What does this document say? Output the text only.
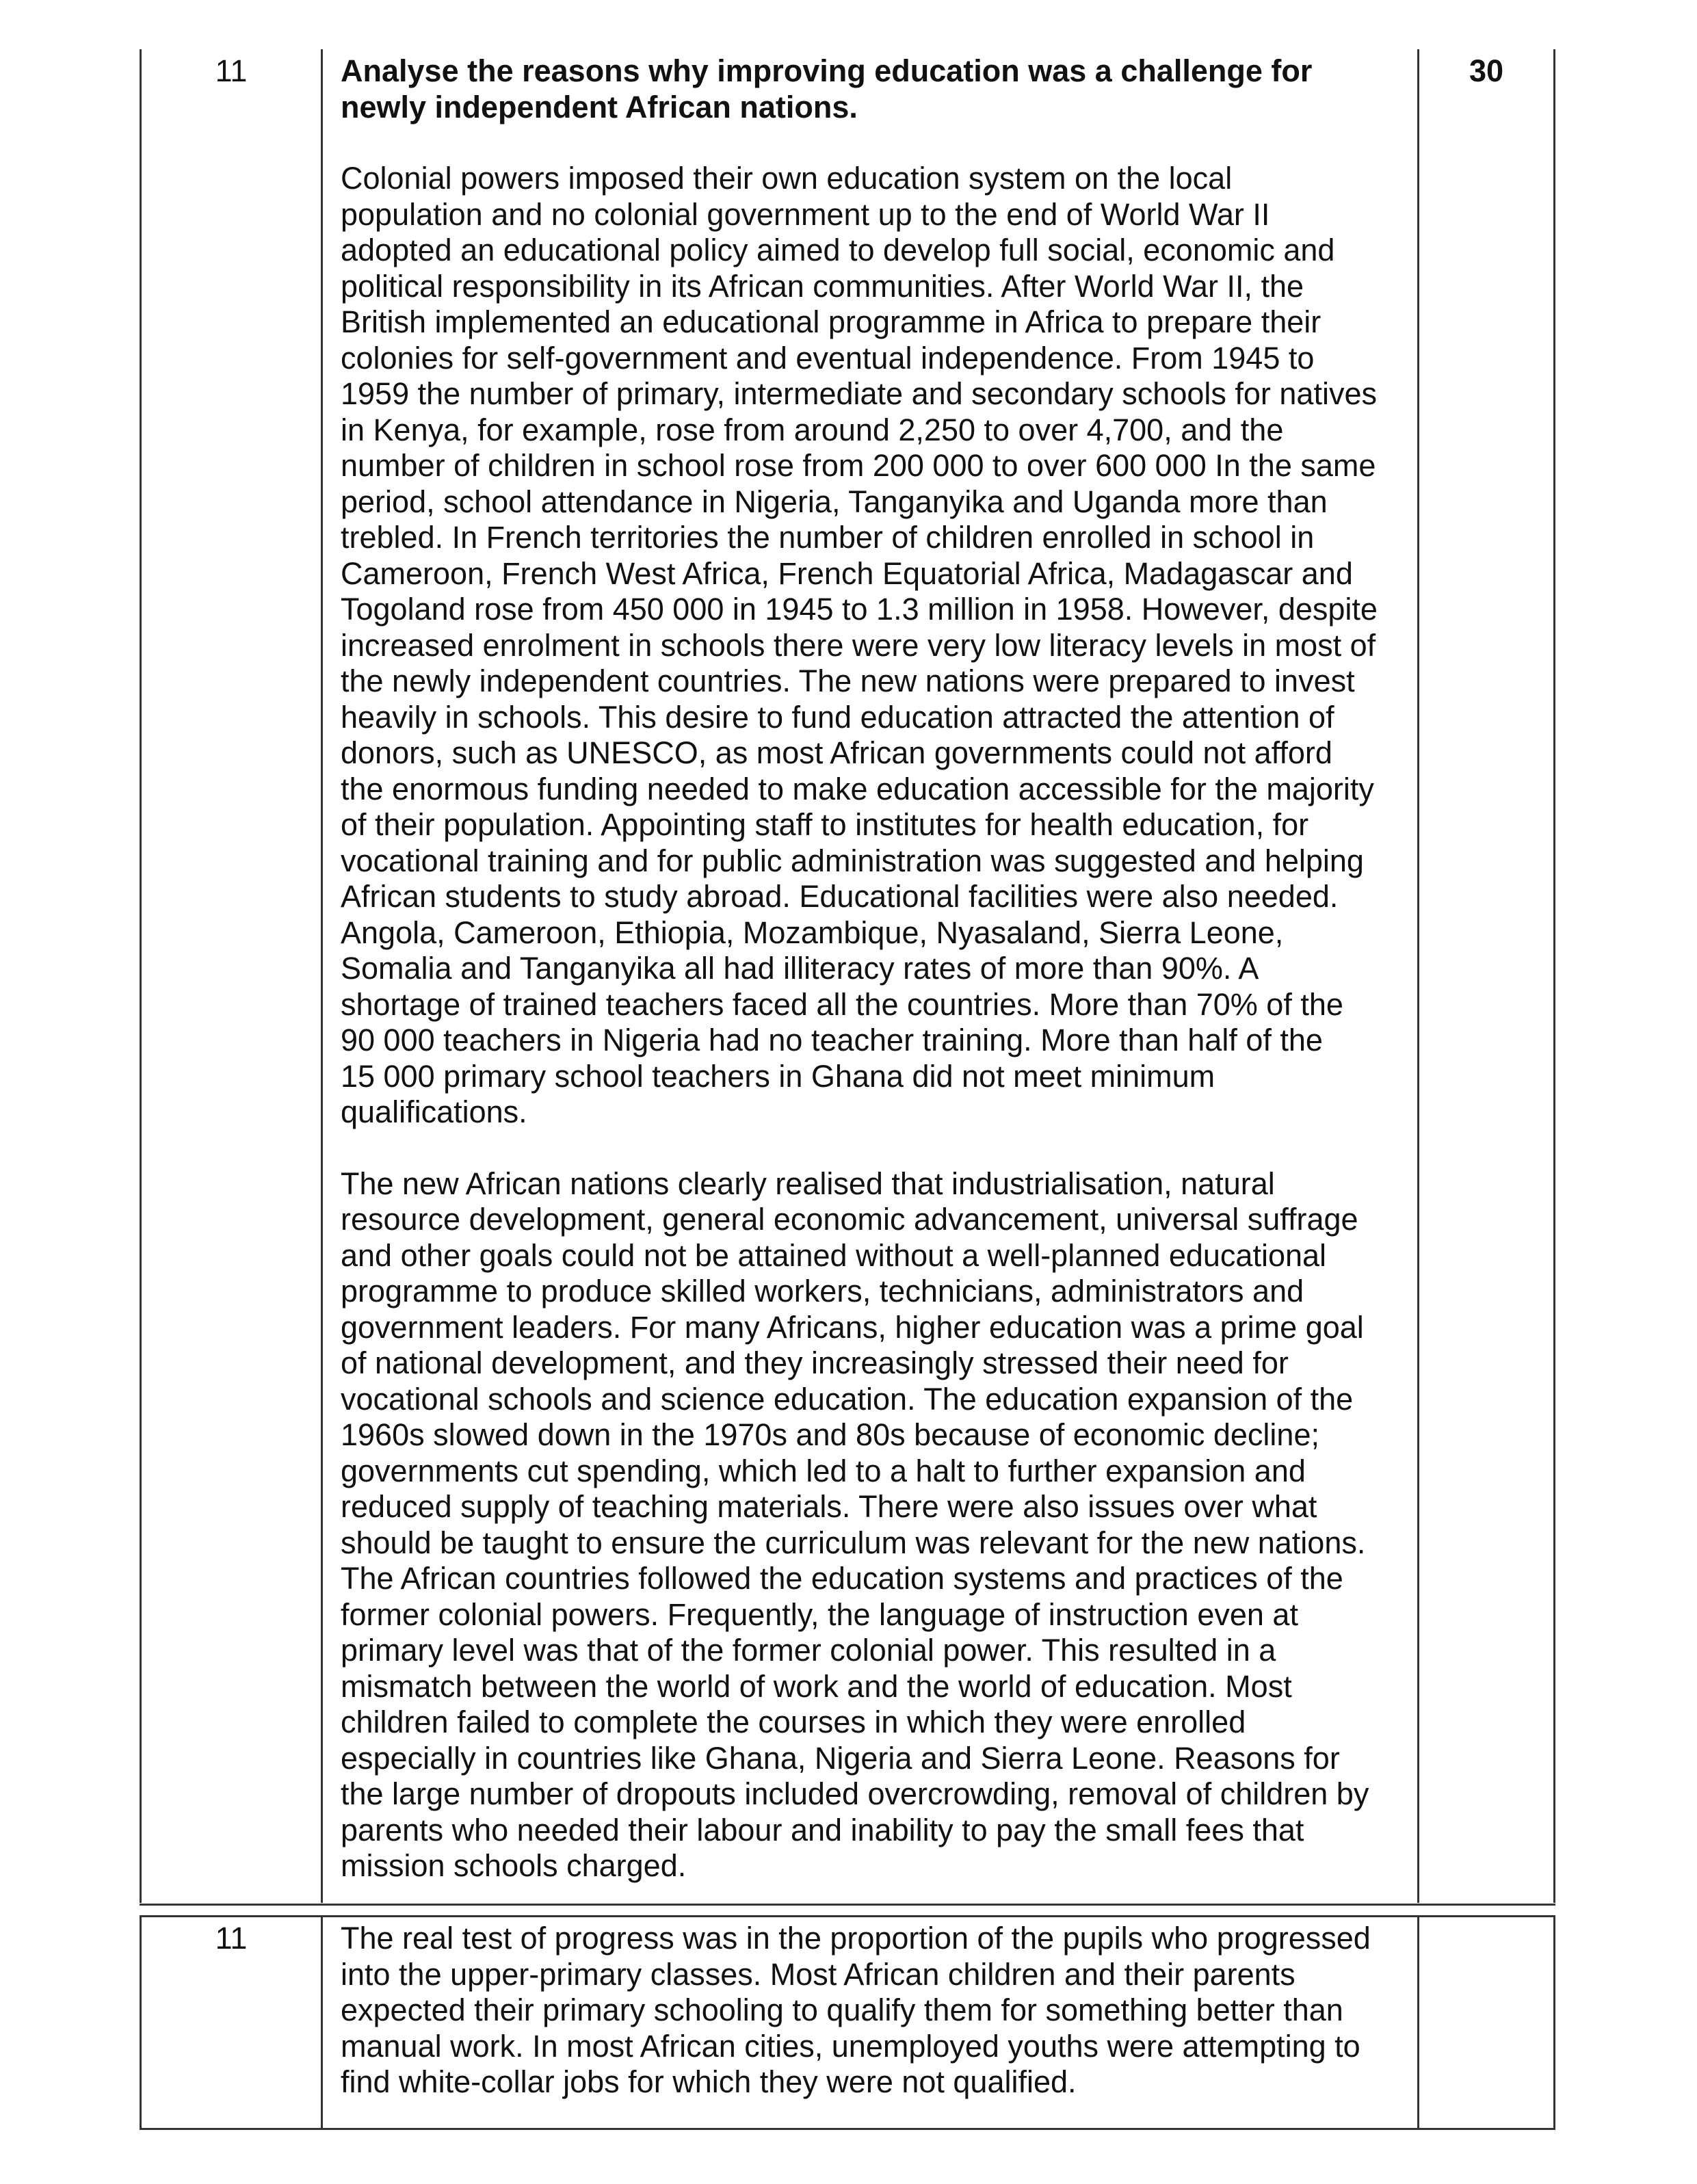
11	Analyse the reasons why improving education was a challenge for
newly independent African nations.
Colonial powers imposed their own education system on the local
population and no colonial government up to the end of World War II
adopted an educational policy aimed to develop full social, economic and
political responsibility in its African communities. After World War II, the
British implemented an educational programme in Africa to prepare their
colonies for self-government and eventual independence. From 1945 to
1959 the number of primary, intermediate and secondary schools for natives
in Kenya, for example, rose from around 2,250 to over 4,700, and the
number of children in school rose from 200 000 to over 600 000 In the same
period, school attendance in Nigeria, Tanganyika and Uganda more than
trebled. In French territories the number of children enrolled in school in
Cameroon, French West Africa, French Equatorial Africa, Madagascar and
Togoland rose from 450 000 in 1945 to 1.3 million in 1958. However, despite
increased enrolment in schools there were very low literacy levels in most of
the newly independent countries. The new nations were prepared to invest
heavily in schools. This desire to fund education attracted the attention of
donors, such as UNESCO, as most African governments could not afford
the enormous funding needed to make education accessible for the majority
of their population. Appointing staff to institutes for health education, for
vocational training and for public administration was suggested and helping
African students to study abroad. Educational facilities were also needed.
Angola, Cameroon, Ethiopia, Mozambique, Nyasaland, Sierra Leone,
Somalia and Tanganyika all had illiteracy rates of more than 90%. A
shortage of trained teachers faced all the countries. More than 70% of the
90 000 teachers in Nigeria had no teacher training. More than half of the
15 000 primary school teachers in Ghana did not meet minimum
qualifications.
The new African nations clearly realised that industrialisation, natural
resource development, general economic advancement, universal suffrage
and other goals could not be attained without a well-planned educational
programme to produce skilled workers, technicians, administrators and
government leaders. For many Africans, higher education was a prime goal
of national development, and they increasingly stressed their need for
vocational schools and science education. The education expansion of the
1960s slowed down in the 1970s and 80s because of economic decline;
governments cut spending, which led to a halt to further expansion and
reduced supply of teaching materials. There were also issues over what
should be taught to ensure the curriculum was relevant for the new nations.
The African countries followed the education systems and practices of the
former colonial powers. Frequently, the language of instruction even at
primary level was that of the former colonial power. This resulted in a
mismatch between the world of work and the world of education. Most
children failed to complete the courses in which they were enrolled
especially in countries like Ghana, Nigeria and Sierra Leone. Reasons for
the large number of dropouts included overcrowding, removal of children by
parents who needed their labour and inability to pay the small fees that
mission schools charged.
30
11	The real test of progress was in the proportion of the pupils who progressed
into the upper-primary classes. Most African children and their parents
expected their primary schooling to qualify them for something better than
manual work. In most African cities, unemployed youths were attempting to
find white-collar jobs for which they were not qualified.
